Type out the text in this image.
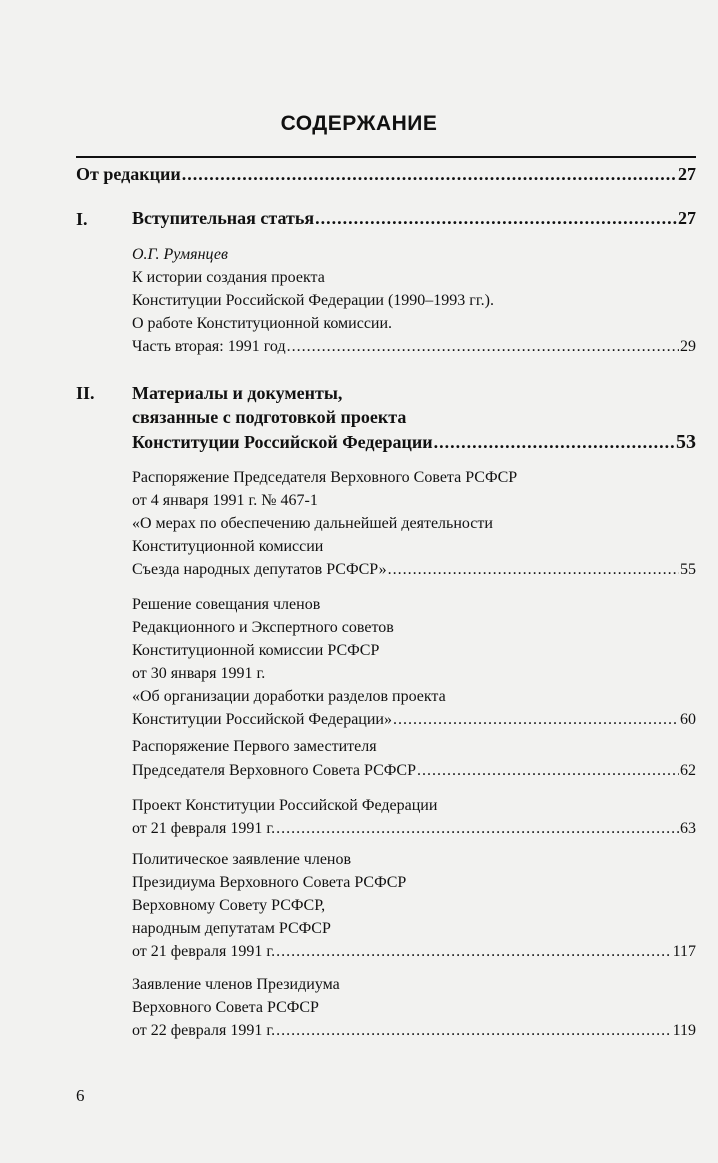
СОДЕРЖАНИЕ
От редакции .....	27
I. Вступительная статья .....	27
О.Г. Румянцев
К истории создания проекта
Конституции Российской Федерации (1990–1993 гг.).
О работе Конституционной комиссии.
Часть вторая: 1991 год .....	29
II. Материалы и документы,
связанные с подготовкой проекта
Конституции Российской Федерации .....	53
Распоряжение Председателя Верховного Совета РСФСР
от 4 января 1991 г. № 467-1
«О мерах по обеспечению дальнейшей деятельности
Конституционной комиссии
Съезда народных депутатов РСФСР» .....	55
Решение совещания членов
Редакционного и Экспертного советов
Конституционной комиссии РСФСР
от 30 января 1991 г.
«Об организации доработки разделов проекта
Конституции Российской Федерации» .....	60
Распоряжение Первого заместителя
Председателя Верховного Совета РСФСР .....	62
Проект Конституции Российской Федерации
от 21 февраля 1991 г. .....	63
Политическое заявление членов
Президиума Верховного Совета РСФСР
Верховному Совету РСФСР,
народным депутатам РСФСР
от 21 февраля 1991 г. .....	117
Заявление членов Президиума
Верховного Совета РСФСР
от 22 февраля 1991 г. .....	119
6
